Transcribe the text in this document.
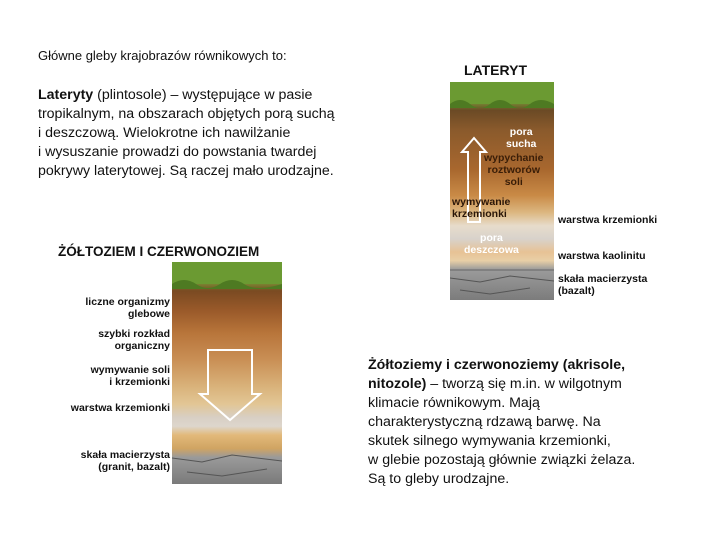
Główne gleby krajobrazów równikowych to:
Lateryty (plintosole) – występujące w pasie
tropikalnym, na obszarach objętych porą suchą
i deszczową. Wielokrotne ich nawilżanie
i wysuszanie prowadzi do powstania twardej
pokrywy laterytowej. Są raczej mało urodzajne.
LATERYT
pora
sucha
wypychanie
roztworów
soli
wymywanie
krzemionki
pora
deszczowa
warstwa krzemionki
warstwa kaolinitu
skała macierzysta
(bazalt)
ŻÓŁTOZIEM I CZERWONOZIEM
liczne organizmy
glebowe
szybki rozkład
organiczny
wymywanie soli
i krzemionki
warstwa krzemionki
skała macierzysta
(granit, bazalt)
Żółtoziemy i czerwonoziemy (akrisole,
nitozole) – tworzą się m.in. w wilgotnym
klimacie równikowym. Mają
charakterystyczną rdzawą barwę. Na
skutek silnego wymywania krzemionki,
w glebie pozostają głównie związki żelaza.
Są to gleby urodzajne.
